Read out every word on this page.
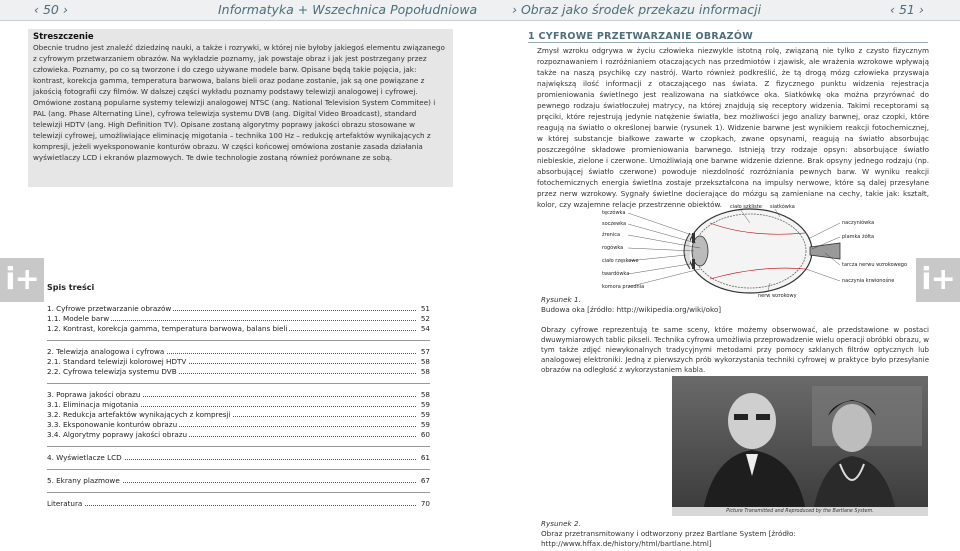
‹ 50 ›	Informatyka + Wszechnica Popołudniowa	› Obraz jako środek przekazu informacji	‹ 51 ›
Streszczenie
Obecnie trudno jest znaleźć dziedzinę nauki, a także i rozrywki, w której nie byłoby jakiegoś elementu związanego z cyfrowym przetwarzaniem obrazów. Na wykładzie poznamy, jak powstaje obraz i jak jest postrzegany przez człowieka. Poznamy, po co są tworzone i do czego używane modele barw. Opisane będą takie pojęcia, jak: kontrast, korekcja gamma, temperatura barwowa, balans bieli oraz podane zostanie, jak są one powiązane z jakością fotografii czy filmów. W dalszej części wykładu poznamy podstawy telewizji analogowej i cyfrowej. Omówione zostaną popularne systemy telewizji analogowej NTSC (ang. National Television System Commitee) i PAL (ang. Phase Alternating Line), cyfrowa telewizja systemu DVB (ang. Digital Video Broadcast), standard telewizji HDTV (ang. High Definition TV). Opisane zostaną algorytmy poprawy jakości obrazu stosowane w telewizji cyfrowej, umożliwiające eliminację migotania – technika 100 Hz – redukcję artefaktów wynikających z kompresji, jeżeli wyeksponowanie konturów obrazu. W części końcowej omówiona zostanie zasada działania wyświetlaczy LCD i ekranów plazmowych. Te dwie technologie zostaną również porównane ze sobą.
i+	i+
Spis treści
1. Cyfrowe przetwarzanie obrazów	51
1.1. Modele barw	52
1.2. Kontrast, korekcja gamma, temperatura barwowa, balans bieli	54
2. Telewizja analogowa i cyfrowa	57
2.1. Standard telewizji kolorowej HDTV	58
2.2. Cyfrowa telewizja systemu DVB	58
3. Poprawa jakości obrazu	58
3.1. Eliminacja migotania	59
3.2. Redukcja artefaktów wynikających z kompresji	59
3.3. Eksponowanie konturów obrazu	59
3.4. Algorytmy poprawy jakości obrazu	60
4. Wyświetlacze LCD	61
5. Ekrany plazmowe	67
Literatura	70
1 CYFROWE PRZETWARZANIE OBRAZÓW
Zmysł wzroku odgrywa w życiu człowieka niezwykle istotną rolę, związaną nie tylko z czysto fizycznym rozpoznawaniem i rozróżnianiem otaczających nas przedmiotów i zjawisk, ale wrażenia wzrokowe wpływają także na naszą psychikę czy nastrój. Warto również podkreślić, że tą drogą mózg człowieka przyswaja największą ilość informacji z otaczającego nas świata. Z fizycznego punktu widzenia rejestracja promieniowania świetlnego jest realizowana na siatkówce oka. Siatkówkę oka można przyrównać do pewnego rodzaju światłoczułej matrycy, na której znajdują się receptory widzenia. Takimi receptorami są pręciki, które rejestrują jedynie natężenie światła, bez możliwości jego analizy barwnej, oraz czopki, które reagują na światło o określonej barwie (rysunek 1). Widzenie barwne jest wynikiem reakcji fotochemicznej, w której substancje białkowe zawarte w czopkach, zwane opsynami, reagują na światło absorbując poszczególne składowe promieniowania barwnego. Istnieją trzy rodzaje opsyn: absorbujące światło niebieskie, zielone i czerwone. Umożliwiają one barwne widzenie dzienne. Brak opsyny jednego rodzaju (np. absorbującej światło czerwone) powoduje niezdolność rozróżniania pewnych barw. W wyniku reakcji fotochemicznych energia świetlna zostaje przekształcona na impulsy nerwowe, które są dalej przesyłane przez nerw wzrokowy. Sygnały świetlne docierające do mózgu są zamieniane na cechy, takie jak: kształt, kolor, czy wzajemne relacje przestrzenne obiektów.
tęczówka
ciało szkliste siatkówka
soczewka
źrenica
rogówka
ciało rzęskowe
naczyniówka
plamka żółta
tarcza nerwu wzrokowego
nerw wzrokowy
twardówka
naczynia krwionośne
komora przednia
Rysunek 1.
Budowa oka [źródło: http://wikipedia.org/wiki/oko]
Obrazy cyfrowe reprezentują te same sceny, które możemy obserwować, ale przedstawione w postaci dwuwymiarowych tablic pikseli. Technika cyfrowa umożliwia przeprowadzenie wielu operacji obróbki obrazu, w tym także zdjęć niewykonalnych tradycyjnymi metodami przy pomocy szklanych filtrów optycznych lub analogowej elektroniki. Jedną z pierwszych prób wykorzystania techniki cyfrowej w praktyce było przesyłanie obrazów na odległość z wykorzystaniem kabla.
Picture Transmitted and Reproduced by the Bartlane System.
Rysunek 2.
Obraz przetransmitowany i odtworzony przez Bartlane System [źródło: http://www.hffax.de/history/html/bartlane.html]
